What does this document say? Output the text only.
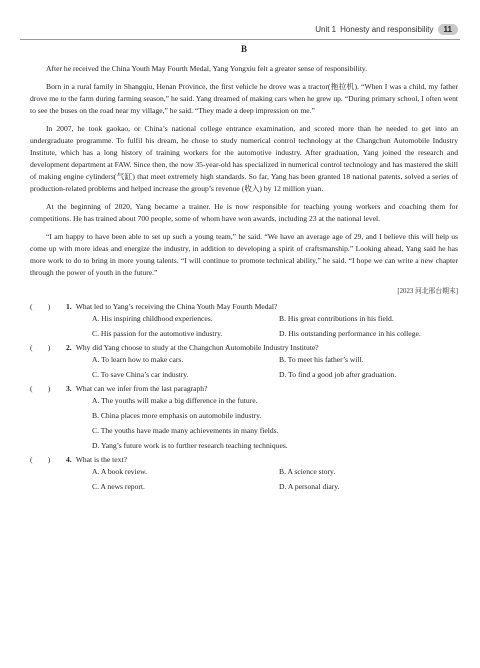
Unit 1 Honesty and responsibility	11
B

After he received the China Youth May Fourth Medal, Yang Yongxiu felt a greater sense of responsibility.

Born in a rural family in Shangqiu, Henan Province, the first vehicle he drove was a tractor(拖拉机). “When I was a child, my father drove me to the farm during farming season,” he said. Yang dreamed of making cars when he grew up. “During primary school, I often went to see the buses on the road near my village,” he said. “They made a deep impression on me.”

In 2007, he took gaokao, or China’s national college entrance examination, and scored more than he needed to get into an undergraduate programme. To fulfil his dream, he chose to study numerical control technology at the Changchun Automobile Industry Institute, which has a long history of training workers for the automotive industry. After graduation, Yang joined the research and development department at FAW. Since then, the now 35-year-old has specialized in numerical control technology and has mastered the skill of making engine cylinders(气缸) that meet extremely high standards. So far, Yang has been granted 18 national patents, solved a series of production-related problems and helped increase the group’s revenue (收入) by 12 million yuan.

At the beginning of 2020, Yang became a trainer. He is now responsible for teaching young workers and coaching them for competitions. He has trained about 700 people, some of whom have won awards, including 23 at the national level.

“I am happy to have been able to set up such a young team,” he said. “We have an average age of 29, and I believe this will help us come up with more ideas and energize the industry, in addition to developing a spirit of craftsmanship.” Looking ahead, Yang said he has more work to do to bring in more young talents. “I will continue to promote technical ability,” he said. “I hope we can write a new chapter through the power of youth in the future.”

[2023 河北邢台期末]
(　　)	1. What led to Yang’s receiving the China Youth May Fourth Medal?
A. His inspiring childhood experiences.	B. His great contributions in his field.
C. His passion for the automotive industry.	D. His outstanding performance in his college.
(　　)	2. Why did Yang choose to study at the Changchun Automobile Industry Institute?
A. To learn how to make cars.	B. To meet his father’s will.
C. To save China’s car industry.	D. To find a good job after graduation.
(　　)	3. What can we infer from the last paragraph?
A. The youths will make a big difference in the future.
B. China places more emphasis on automobile industry.
C. The youths have made many achievements in many fields.
D. Yang’s future work is to further research teaching techniques.
(　　)	4. What is the text?
A. A book review.	B. A science story.
C. A news report.	D. A personal diary.
